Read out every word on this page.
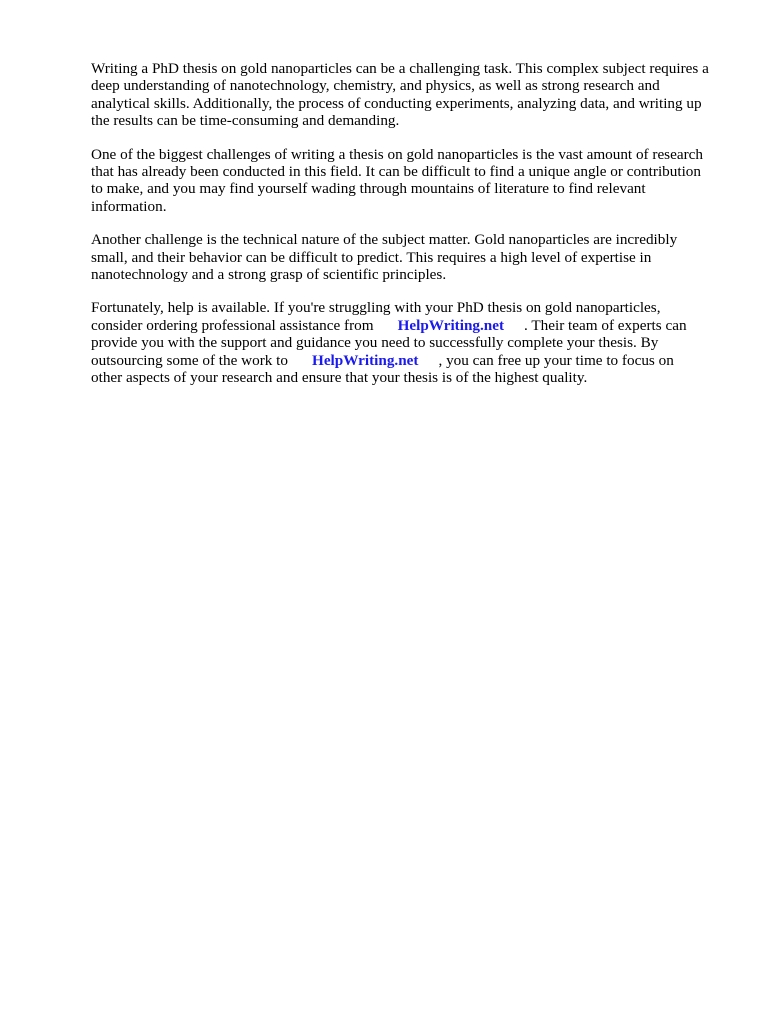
Writing a PhD thesis on gold nanoparticles can be a challenging task. This complex subject requires a
deep understanding of nanotechnology, chemistry, and physics, as well as strong research and
analytical skills. Additionally, the process of conducting experiments, analyzing data, and writing up
the results can be time-consuming and demanding.

One of the biggest challenges of writing a thesis on gold nanoparticles is the vast amount of research
that has already been conducted in this field. It can be difficult to find a unique angle or contribution
to make, and you may find yourself wading through mountains of literature to find relevant
information.

Another challenge is the technical nature of the subject matter. Gold nanoparticles are incredibly
small, and their behavior can be difficult to predict. This requires a high level of expertise in
nanotechnology and a strong grasp of scientific principles.

Fortunately, help is available. If you're struggling with your PhD thesis on gold nanoparticles,
consider ordering professional assistance from HelpWriting.net . Their team of experts can
provide you with the support and guidance you need to successfully complete your thesis. By
outsourcing some of the work to HelpWriting.net , you can free up your time to focus on
other aspects of your research and ensure that your thesis is of the highest quality.
